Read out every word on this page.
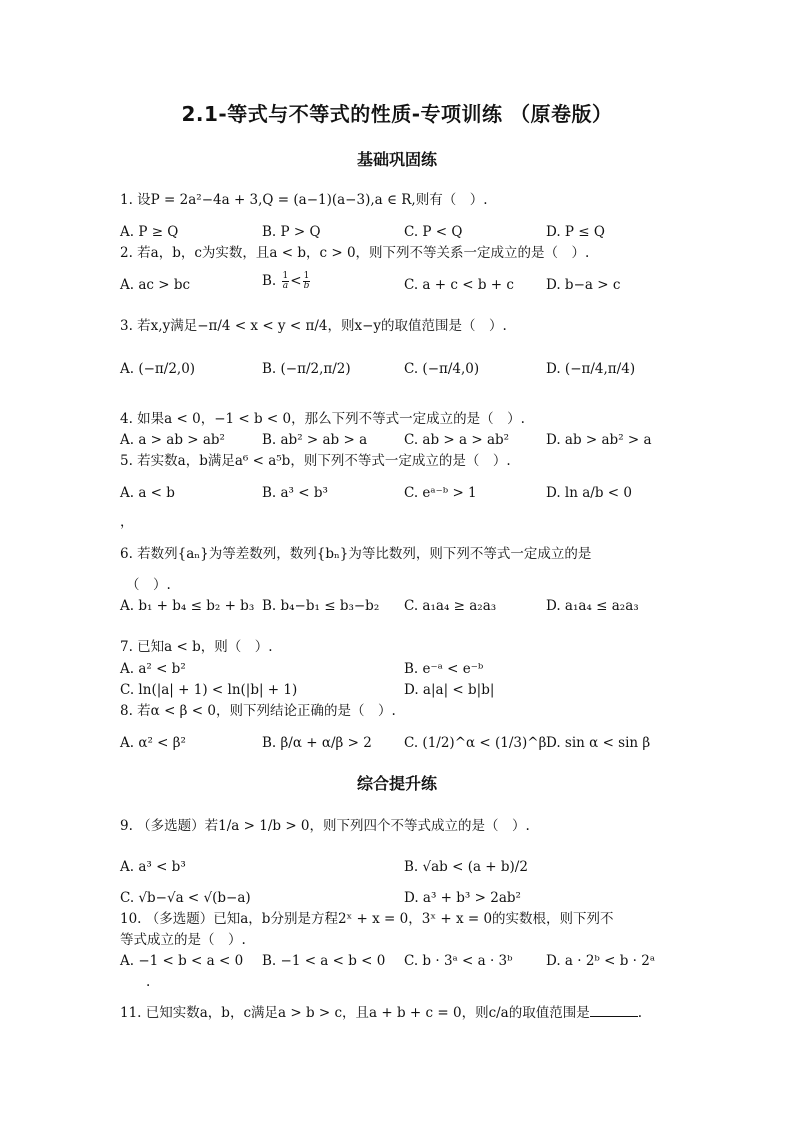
2.1-等式与不等式的性质-专项训练 （原卷版）
基础巩固练
1. 设P = 2a²−4a + 3,Q = (a−1)(a−3),a ∈ R,则有（　）.
A. P ≥ Q	B. P > Q	C. P < Q	D. P ≤ Q
2. 若a，b，c为实数，且a < b，c > 0，则下列不等关系一定成立的是（　）.
A. ac > bc	B. $\frac{1}{a} < \frac{1}{b}$	C. a + c < b + c D. b−a > c
3. 若x,y满足−π/4 < x < y < π/4，则x−y的取值范围是（　）.
A. (−π/2,0)	B. (−π/2,π/2)	C. (−π/4,0)	D. (−π/4,π/4)
4. 如果a < 0，−1 < b < 0，那么下列不等式一定成立的是（　）.
A. a > ab > ab²	B. ab² > ab > a	C. ab > a > ab²	D. ab > ab² > a
5. 若实数a，b满足a⁶ < a⁵b，则下列不等式一定成立的是（　）.
A. a < b	B. a³ < b³	C. eᵃ⁻ᵇ > 1	D. ln a/b < 0
，
6. 若数列{aₙ}为等差数列，数列{bₙ}为等比数列，则下列不等式一定成立的是
（　）.
A. b₁ + b₄ ≤ b₂ + b₃ B. b₄−b₁ ≤ b₃−b₂ C. a₁a₄ ≥ a₂a₃	D. a₁a₄ ≤ a₂a₃
7. 已知a < b，则（　）.
A. a² < b²	B. e⁻ᵃ < e⁻ᵇ
C. ln(|a| + 1) < ln(|b| + 1)	D. a|a| < b|b|
8. 若α < β < 0，则下列结论正确的是（　）.
A. α² < β²	B. β/α + α/β > 2 C. (1/2)^α < (1/3)^β D. sin α < sin β
综合提升练
9. （多选题）若1/a > 1/b > 0，则下列四个不等式成立的是（　）.
A. a³ < b³	B. √ab < (a + b)/2
C. √b−√a < √(b−a)	D. a³ + b³ > 2ab²
10. （多选题）已知a，b分别是方程2ˣ + x = 0，3ˣ + x = 0的实数根，则下列不
等式成立的是（　）.
A. −1 < b < a < 0 B. −1 < a < b < 0 C. b · 3ᵃ < a · 3ᵇ D. a · 2ᵇ < b · 2ᵃ
.
11. 已知实数a，b，c满足a > b > c，且a + b + c = 0，则c/a的取值范围是	.
